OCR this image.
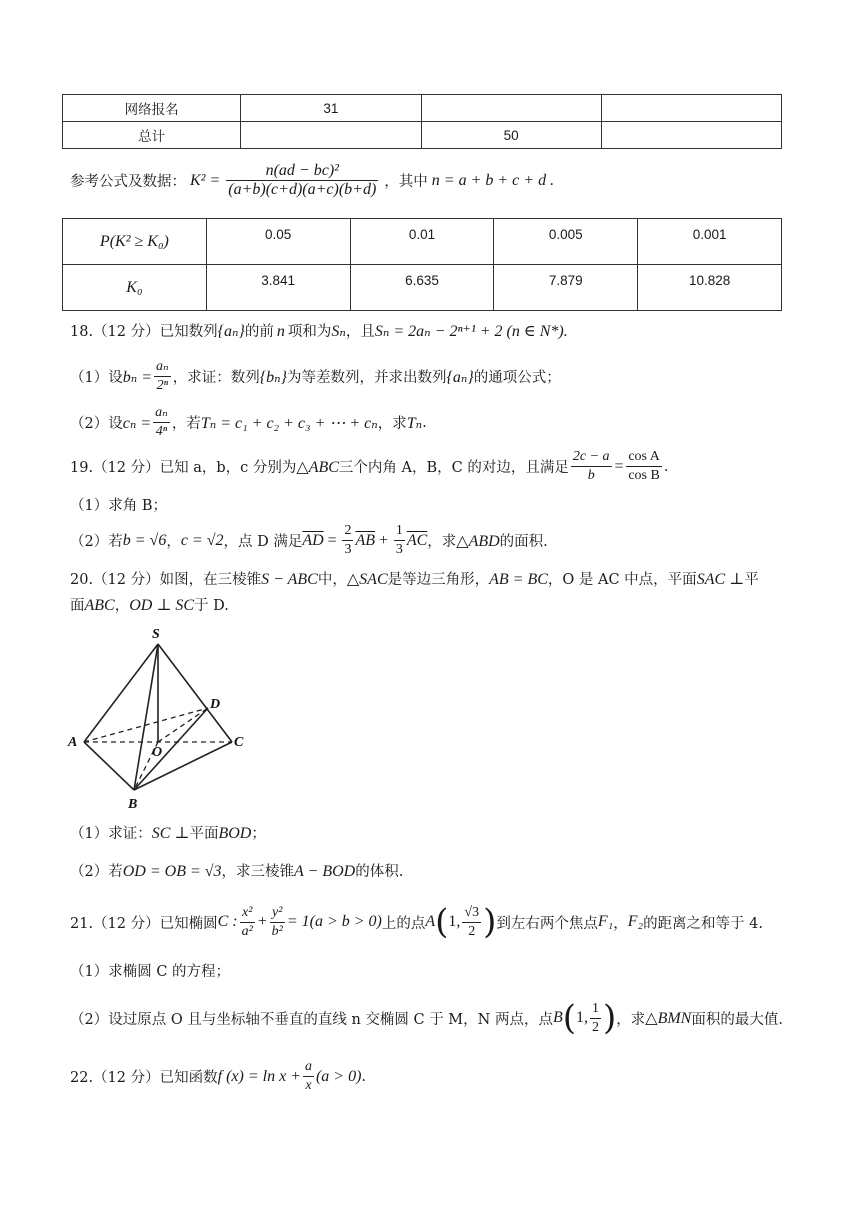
网络报名	31		
总计		50	
参考公式及数据： $K^2 = \frac{\text{n(ad − bc)²}}{(a+b)(c+d)(a+c)(b+d)}$ ，其中 n = a + b + c + d .
P(K² ≥ K₀)	0.05	0.01	0.005	0.001
K₀	3.841	6.635	7.879	10.828
18.（12 分）已知数列{aₙ}的前 n 项和为Sₙ，且Sₙ = 2aₙ − 2ⁿ⁺¹ + 2 (n ∈ N*).
（1）设 $b_n = \frac{\text{aₙ}}{\text{2ⁿ}}$ ，求证：数列 {bₙ} 为等差数列，并求出数列 {aₙ} 的通项公式；
（2）设 $c_n = \frac{\text{aₙ}}{\text{4ⁿ}}$ ，若 Tₙ = c₁ + c₂ + c₃ + ⋯ + cₙ ，求 Tₙ .
19.（12 分）已知 a，b，c 分别为 △ABC 三个内角 A，B，C 的对边，且满足 $\frac{2c - a}{b} = \frac{\text{cos A}}{\text{cos B}}$ .
（1）求角 B；
（2）若 b = √6 ， c = √2 ，点 D 满足 $\overline{AD} = \frac{2}{3} \overline{AB} + \frac{1}{3} \overline{AC}$ ，求 △ABD 的面积.
20.（12 分）如图，在三棱锥S − ABC中，△SAC是等边三角形，AB = BC，O 是 AC 中点，平面SAC ⊥平
面ABC，OD ⊥ SC于 D.
S
A
B
C
D
O
（1）求证：SC ⊥平面BOD；
（2）若OD = OB = √3，求三棱锥A − BOD的体积.
21.（12 分）已知椭圆 C : $\frac{\text{x²}}{\text{a²}} + \frac{\text{y²}}{\text{b²}} = 1(a > b > 0)$ 上的点 A ( 1, $\frac{√3}{2}$ ) 到左右两个焦点 F₁ ， F₂ 的距离之和等于 4.
（1）求椭圆 C 的方程；
（2）设过原点 O 且与坐标轴不垂直的直线 n 交椭圆 C 于 M，N 两点，点 B ( 1, $\frac{1}{2}$ ) ，求 △BMN 面积的最大值.
22.（12 分）已知函数 f $(x) = \ln x + \frac{a}{x} (a > 0)$ .
